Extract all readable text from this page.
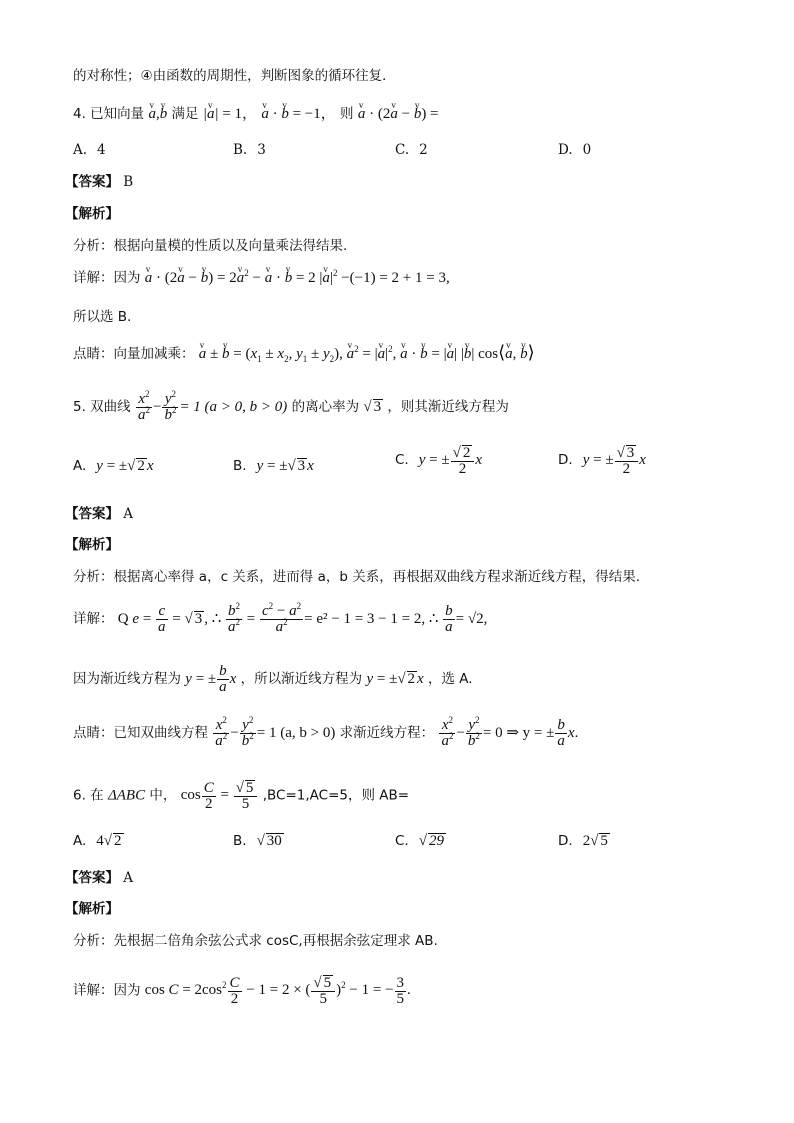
的对称性；④由函数的周期性，判断图象的循环往复．
4. 已知向量 v a,v b 满足 |v a| = 1， v a · v b = −1， 则 v a · (2v a − v b) =
A. 4	B. 3	C. 2	D. 0
【答案】 B
【解析】
分析：根据向量模的性质以及向量乘法得结果.
详解：因为 v a · (2v a − v b) = 2v $a^2 - v$ a · v b = 2 |v $a|^2 -(-1) = 2 + 1 = 3$,
所以选 B.
点睛：向量加减乘： v a ± v $b = (x_1 \pm x_2$, $y_1 \pm y_2$), v $a^2 = |v$ $a|^2$, v a · v b = |v a| |v b| cos⟨v a, v b⟩
5. 双曲线 $\frac{x^2}{a^2} - \frac{y^2}{b^2} = 1$ (a > 0, b > 0) 的离心率为 √ 3 ，则其渐近线方程为
A. y = ±√ 2 x	B. y = ±√ 3 x	C. y = ± $\frac{√ 2}{2}$ x	D. y = ± $\frac{√ 3}{2}$ x
【答案】 A
【解析】
分析：根据离心率得 a，c 关系，进而得 a，b 关系，再根据双曲线方程求渐近线方程，得结果.
详解： Q $e = \frac{c}{a}$ = √ 3 , ∴ $\frac{b^2}{a^2} = \frac{c^2 - a^2}{a^2} = e^2 - 1 = 3 - 1 = 2$, ∴ $\frac{b}{a} = √2$,
因为渐近线方程为 y = ± $\frac{b}{a}$ x ，所以渐近线方程为 y = ±√ 2 x ，选 A.
点睛：已知双曲线方程 $\frac{x^2}{a^2} - \frac{y^2}{b^2} = 1$ (a, b > 0) 求渐近线方程： $\frac{x^2}{a^2} - \frac{y^2}{b^2} = 0$ ⇒ y = ± $\frac{b}{a} x$.
6. 在 ΔABC 中， $\cos \frac{C}{2} = \frac{√ 5}{5} ,BC=1,AC=5$，则 AB=
A. 4√ 2	B. √ 30	C. √ 29	D. 2√ 5
【答案】 A
【解析】
分析：先根据二倍角余弦公式求 cosC,再根据余弦定理求 AB.
详解：因为 $\cos C = 2\cos^2 \frac{C}{2} - 1 = 2$ × ( $\frac{√ 5}{5} )^2 - 1$ = − $\frac{3}{5}$ .
